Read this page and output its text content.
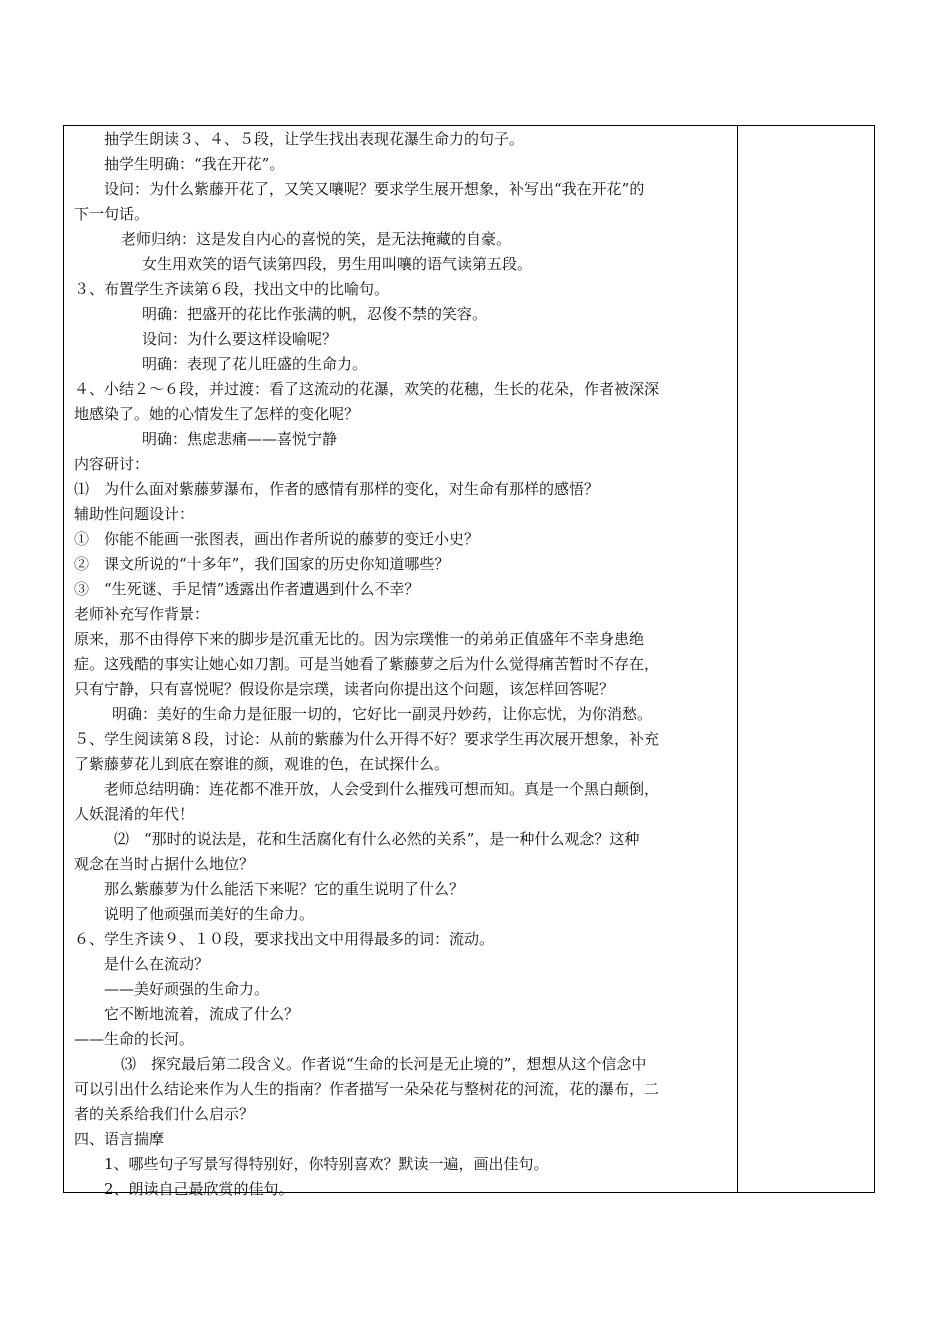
抽学生朗读３、４、５段，让学生找出表现花瀑生命力的句子。
抽学生明确：“我在开花”。
设问：为什么紫藤开花了，又笑又嚷呢？要求学生展开想象，补写出“我在开花”的
下一句话。
老师归纳：这是发自内心的喜悦的笑，是无法掩藏的自豪。
女生用欢笑的语气读第四段，男生用叫嚷的语气读第五段。
３、布置学生齐读第６段，找出文中的比喻句。
明确：把盛开的花比作张满的帆，忍俊不禁的笑容。
设问：为什么要这样设喻呢？
明确：表现了花儿旺盛的生命力。
４、小结２～６段，并过渡：看了这流动的花瀑，欢笑的花穗，生长的花朵，作者被深深
地感染了。她的心情发生了怎样的变化呢？
明确：焦虑悲痛——喜悦宁静
内容研讨：
⑴　为什么面对紫藤萝瀑布，作者的感情有那样的变化，对生命有那样的感悟？
辅助性问题设计：
①　你能不能画一张图表，画出作者所说的藤萝的变迁小史？
②　课文所说的“十多年”，我们国家的历史你知道哪些？
③　“生死谜、手足情”透露出作者遭遇到什么不幸？
老师补充写作背景：
原来，那不由得停下来的脚步是沉重无比的。因为宗璞惟一的弟弟正值盛年不幸身患绝
症。这残酷的事实让她心如刀割。可是当她看了紫藤萝之后为什么觉得痛苦暂时不存在，
只有宁静，只有喜悦呢？假设你是宗璞，读者向你提出这个问题，该怎样回答呢？
明确：美好的生命力是征服一切的，它好比一副灵丹妙药，让你忘忧，为你消愁。
５、学生阅读第８段，讨论：从前的紫藤为什么开得不好？要求学生再次展开想象，补充
了紫藤萝花儿到底在察谁的颜，观谁的色，在试探什么。
老师总结明确：连花都不准开放，人会受到什么摧残可想而知。真是一个黑白颠倒，
人妖混淆的年代！
⑵　“那时的说法是，花和生活腐化有什么必然的关系”，是一种什么观念？这种
观念在当时占据什么地位？
那么紫藤萝为什么能活下来呢？它的重生说明了什么？
说明了他顽强而美好的生命力。
６、学生齐读９、１０段，要求找出文中用得最多的词：流动。
是什么在流动？
——美好顽强的生命力。
它不断地流着，流成了什么？
——生命的长河。
⑶　探究最后第二段含义。作者说“生命的长河是无止境的”，想想从这个信念中
可以引出什么结论来作为人生的指南？作者描写一朵朵花与整树花的河流，花的瀑布，二
者的关系给我们什么启示？
四、语言揣摩
1、哪些句子写景写得特别好，你特别喜欢？默读一遍，画出佳句。
2、朗读自己最欣赏的佳句。
